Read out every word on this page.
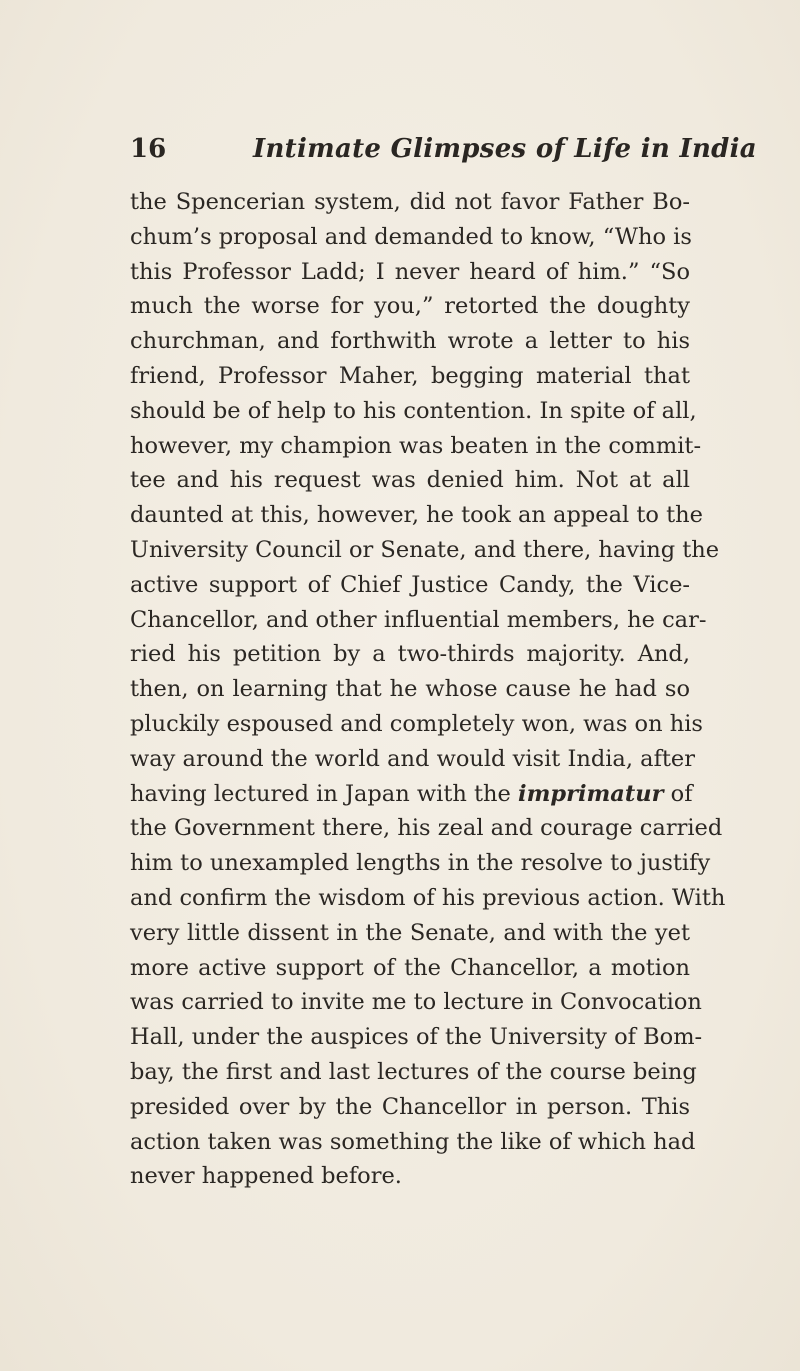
16	Intimate Glimpses of Life in India
the Spencerian system, did not favor Father Bo-
chum’s proposal and demanded to know, “Who is
this Professor Ladd; I never heard of him.” “So
much the worse for you,” retorted the doughty
churchman, and forthwith wrote a letter to his
friend, Professor Maher, begging material that
should be of help to his contention. In spite of all,
however, my champion was beaten in the commit-
tee and his request was denied him. Not at all
daunted at this, however, he took an appeal to the
University Council or Senate, and there, having the
active support of Chief Justice Candy, the Vice-
Chancellor, and other influential members, he car-
ried his petition by a two-thirds majority. And,
then, on learning that he whose cause he had so
pluckily espoused and completely won, was on his
way around the world and would visit India, after
having lectured in Japan with the imprimatur of
the Government there, his zeal and courage carried
him to unexampled lengths in the resolve to justify
and confirm the wisdom of his previous action. With
very little dissent in the Senate, and with the yet
more active support of the Chancellor, a motion
was carried to invite me to lecture in Convocation
Hall, under the auspices of the University of Bom-
bay, the first and last lectures of the course being
presided over by the Chancellor in person. This
action taken was something the like of which had
never happened before.
